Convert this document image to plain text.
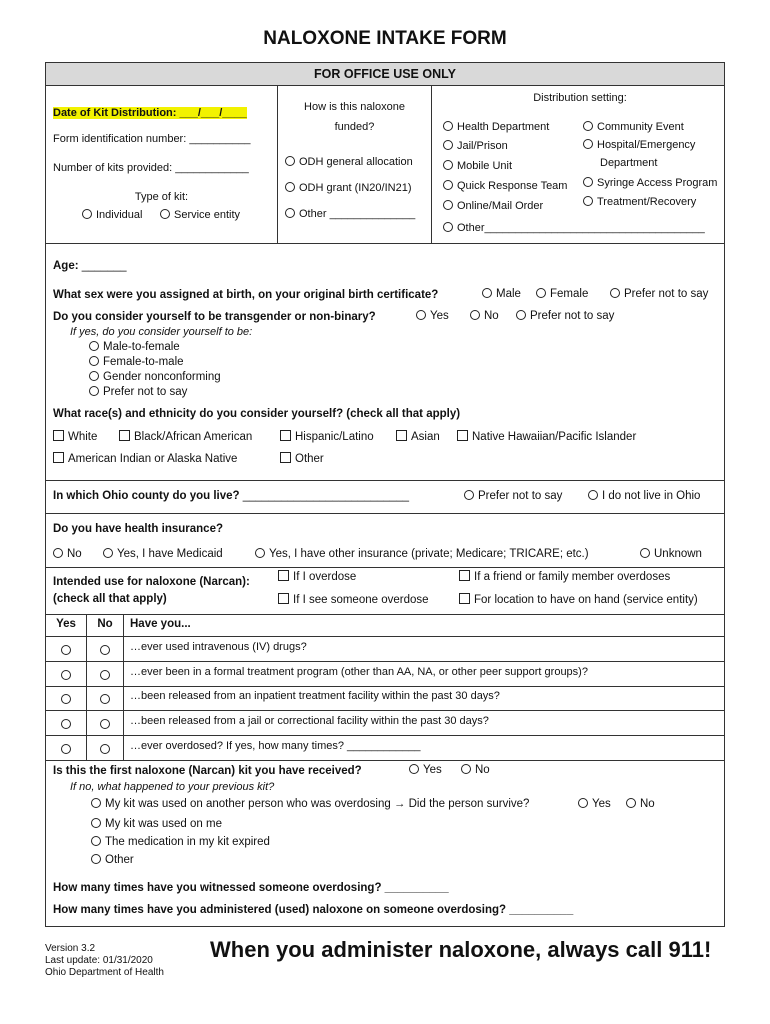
NALOXONE INTAKE FORM
FOR OFFICE USE ONLY
Date of Kit Distribution: ___/___/____
Form identification number: __________
Number of kits provided: ____________
Type of kit:
Individual	Service entity
How is this naloxone
funded?
ODH general allocation
ODH grant (IN20/IN21)
Other ______________
Distribution setting:
Health Department
Jail/Prison
Mobile Unit
Quick Response Team
Online/Mail Order
Other____________________________________
Community Event
Hospital/Emergency
Department
Syringe Access Program
Treatment/Recovery
Age: _______
What sex were you assigned at birth, on your original birth certificate?	Male	Female	Prefer not to say
Do you consider yourself to be transgender or non-binary?	Yes	No	Prefer not to say
If yes, do you consider yourself to be:
Male-to-female
Female-to-male
Gender nonconforming
Prefer not to say
What race(s) and ethnicity do you consider yourself? (check all that apply)
White	Black/African American	Hispanic/Latino	Asian	Native Hawaiian/Pacific Islander
American Indian or Alaska Native	Other
In which Ohio county do you live? __________________________	Prefer not to say	I do not live in Ohio
Do you have health insurance?
No	Yes, I have Medicaid	Yes, I have other insurance (private; Medicare; TRICARE; etc.)	Unknown
Intended use for naloxone (Narcan):
(check all that apply)
If I overdose	If a friend or family member overdoses
If I see someone overdose	For location to have on hand (service entity)
Yes	No	Have you...
…ever used intravenous (IV) drugs?
…ever been in a formal treatment program (other than AA, NA, or other peer support groups)?
…been released from an inpatient treatment facility within the past 30 days?
…been released from a jail or correctional facility within the past 30 days?
…ever overdosed? If yes, how many times? ____________
Is this the first naloxone (Narcan) kit you have received?	Yes	No
If no, what happened to your previous kit?
My kit was used on another person who was overdosing → Did the person survive?	Yes	No
My kit was used on me
The medication in my kit expired
Other
How many times have you witnessed someone overdosing? __________
How many times have you administered (used) naloxone on someone overdosing? __________
Version 3.2
Last update: 01/31/2020
Ohio Department of Health
When you administer naloxone, always call 911!
